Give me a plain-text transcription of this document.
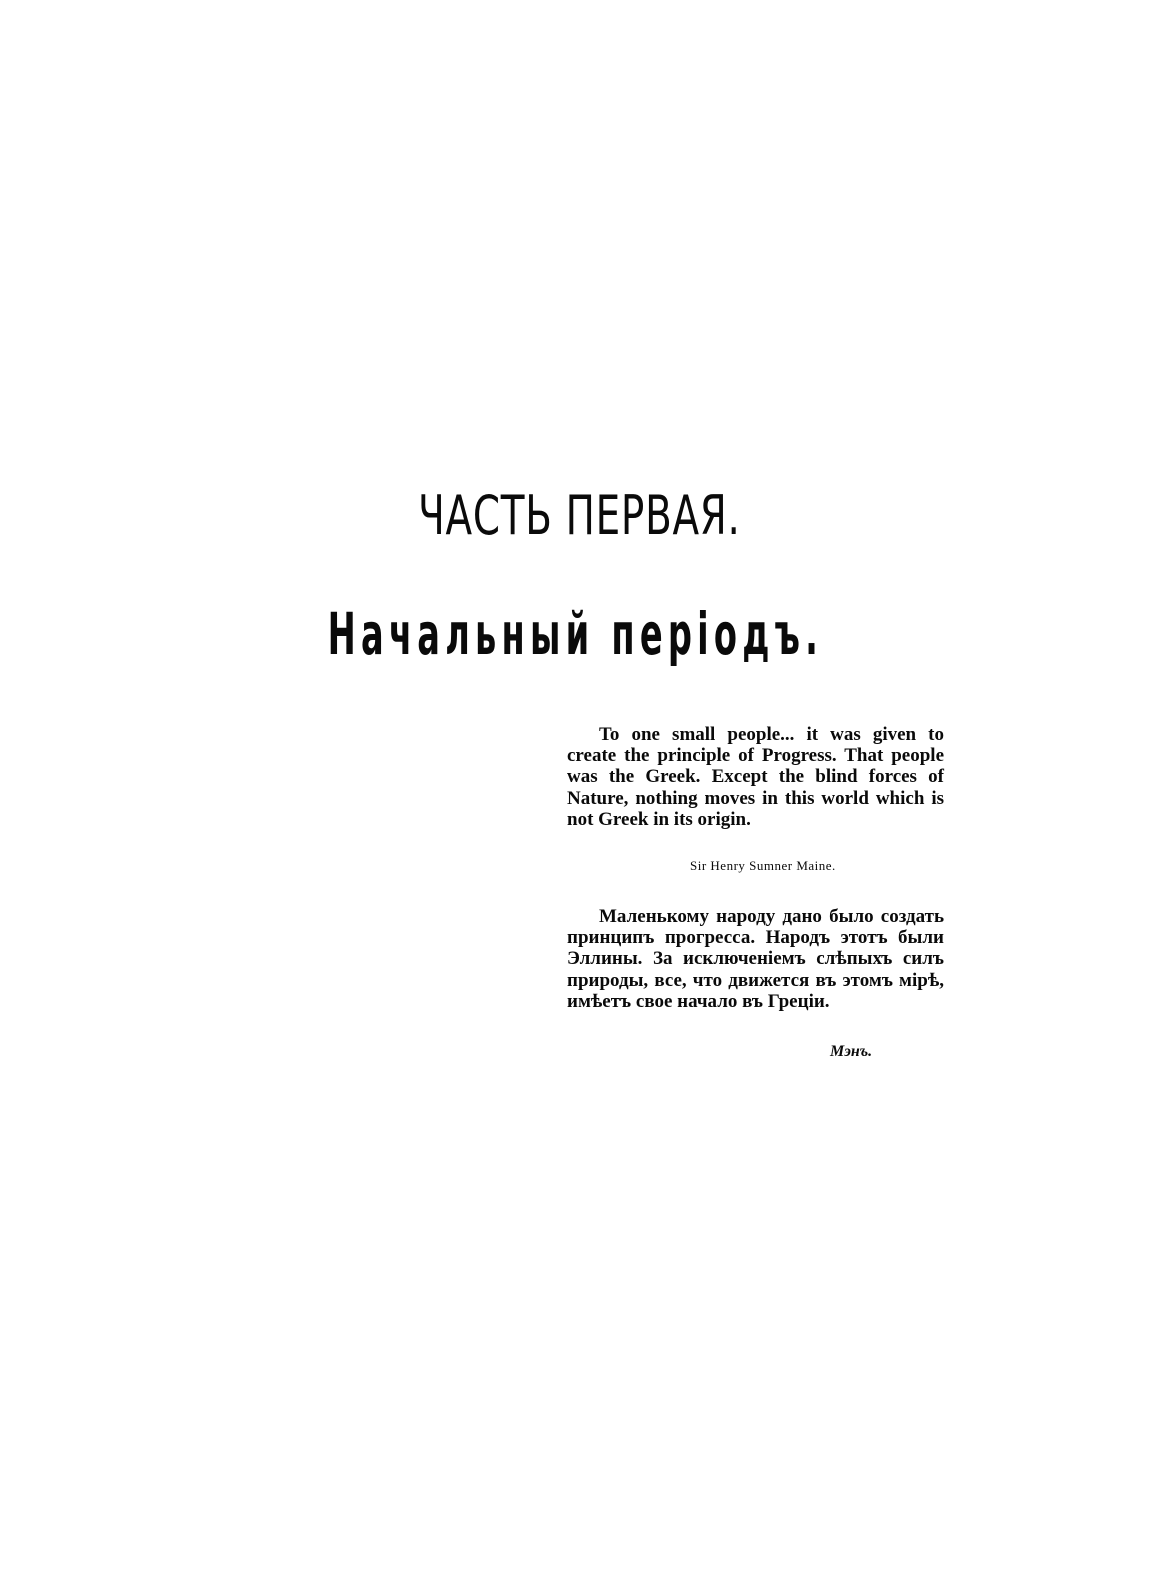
ЧАСТЬ ПЕРВАЯ.
Начальный періодъ.

To one small people... it was given to create the principle of Progress. That people was the Greek. Except the blind forces of Nature, nothing moves in this world which is not Greek in its origin.

Sir Henry Sumner Maine.

Маленькому народу дано было создать принципъ прогресса. Народъ этотъ были Эллины. За исключеніемъ слѣпыхъ силъ природы, все, что движется въ этомъ мірѣ, имѣетъ свое начало въ Греціи.

Мэнъ.
